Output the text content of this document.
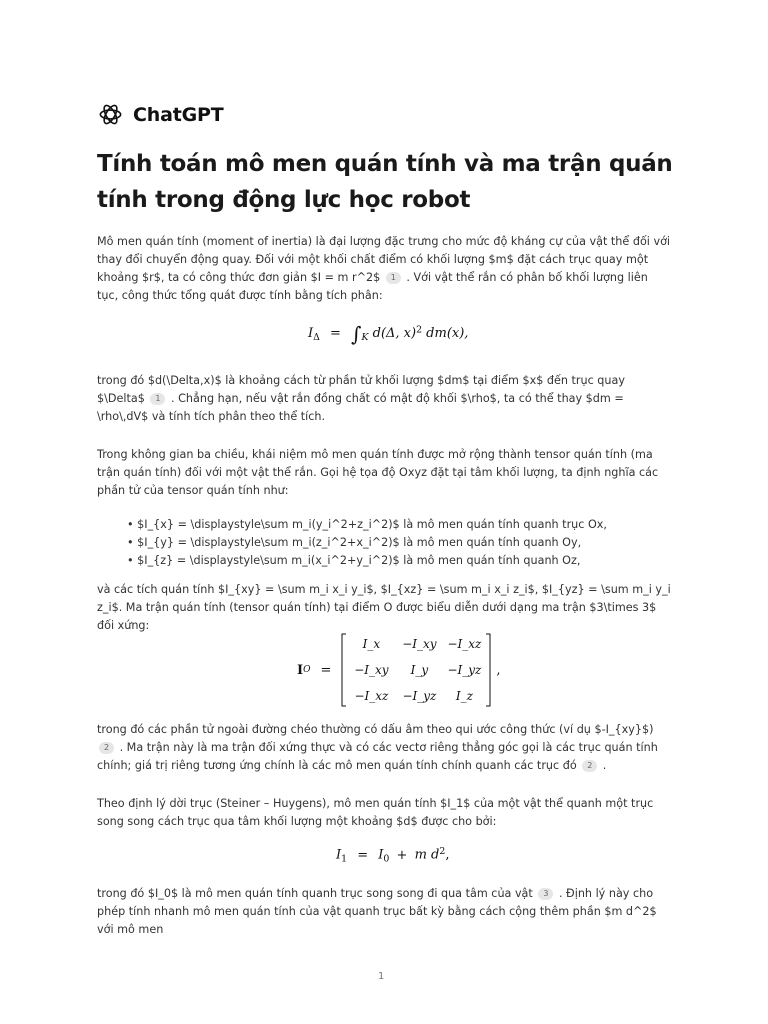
ChatGPT
Tính toán mô men quán tính và ma trận quán tính trong động lực học robot

Mô men quán tính (moment of inertia) là đại lượng đặc trưng cho mức độ kháng cự của vật thể đối với thay đổi chuyển động quay. Đối với một khối chất điểm có khối lượng $m$ đặt cách trục quay một khoảng $r$, ta có công thức đơn giản $I = m r^2$ 1 . Với vật thể rắn có phân bố khối lượng liên tục, công thức tổng quát được tính bằng tích phân:

$I_\Delta = \int_K$ d(Δ, x)$^2$ dm(x),

trong đó $d(\Delta,x)$ là khoảng cách từ phần tử khối lượng $dm$ tại điểm $x$ đến trục quay $\Delta$ 1 . Chẳng hạn, nếu vật rắn đồng chất có mật độ khối $\rho$, ta có thể thay $dm = \rho\,dV$ và tính tích phân theo thể tích.

Trong không gian ba chiều, khái niệm mô men quán tính được mở rộng thành tensor quán tính (ma trận quán tính) đối với một vật thể rắn. Gọi hệ tọa độ Oxyz đặt tại tâm khối lượng, ta định nghĩa các phần tử của tensor quán tính như:

• $I_{x} = \displaystyle\sum m_i(y_i^2+z_i^2)$ là mô men quán tính quanh trục Ox,
• $I_{y} = \displaystyle\sum m_i(z_i^2+x_i^2)$ là mô men quán tính quanh Oy,
• $I_{z} = \displaystyle\sum m_i(x_i^2+y_i^2)$ là mô men quán tính quanh Oz,

và các tích quán tính $I_{xy} = \sum m_i x_i y_i$, $I_{xz} = \sum m_i x_i z_i$, $I_{yz} = \sum m_i y_i z_i$. Ma trận quán tính (tensor quán tính) tại điểm O được biểu diễn dưới dạng ma trận $3\times 3$ đối xứng:

I O =
I_x	−I_xy −I_xz
−I_xy	I_y	−I_yz
−I_xz	−I_yz	I_z
,

trong đó các phần tử ngoài đường chéo thường có dấu âm theo qui ước công thức (ví dụ $-I_{xy}$) 2 . Ma trận này là ma trận đối xứng thực và có các vectơ riêng thẳng góc gọi là các trục quán tính chính; giá trị riêng tương ứng chính là các mô men quán tính chính quanh các trục đó 2 .

Theo định lý dời trục (Steiner – Huygens), mô men quán tính $I_1$ của một vật thể quanh một trục song song cách trục qua tâm khối lượng một khoảng $d$ được cho bởi:

$I_1 = I_0 + m$ $d^2$,

trong đó $I_0$ là mô men quán tính quanh trục song song đi qua tâm của vật 3 . Định lý này cho phép tính nhanh mô men quán tính của vật quanh trục bất kỳ bằng cách cộng thêm phần $m d^2$ với mô men

1
